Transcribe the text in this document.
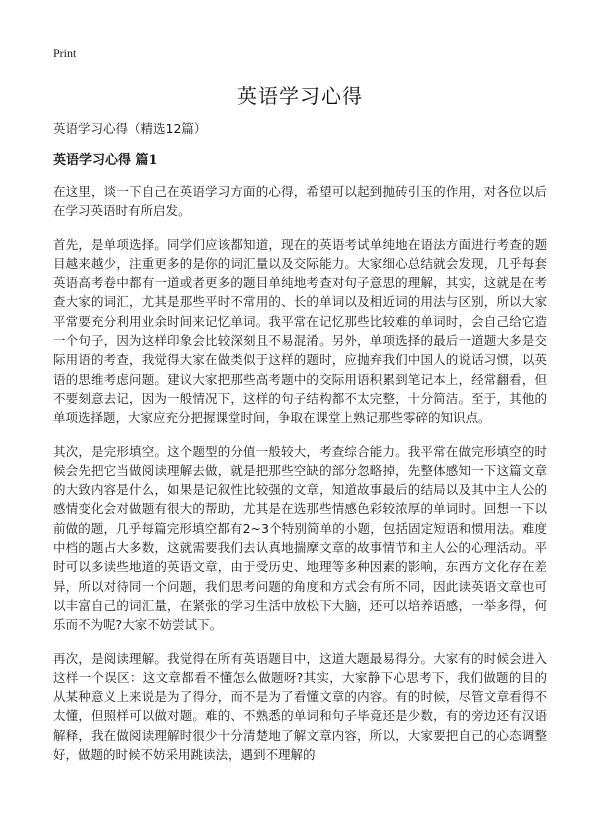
Print
英语学习心得

英语学习心得（精选12篇）

英语学习心得 篇1

在这里，谈一下自己在英语学习方面的心得，希望可以起到抛砖引玉的作用，对各位以后在学习英语时有所启发。

首先，是单项选择。同学们应该都知道，现在的英语考试单纯地在语法方面进行考查的题目越来越少，注重更多的是你的词汇量以及交际能力。大家细心总结就会发现，几乎每套英语高考卷中都有一道或者更多的题目单纯地考查对句子意思的理解，其实，这就是在考查大家的词汇，尤其是那些平时不常用的、长的单词以及相近词的用法与区别，所以大家平常要充分利用业余时间来记忆单词。我平常在记忆那些比较难的单词时，会自己给它造一个句子，因为这样印象会比较深刻且不易混淆。另外，单项选择的最后一道题大多是交际用语的考查，我觉得大家在做类似于这样的题时，应抛弃我们中国人的说话习惯，以英语的思维考虑问题。建议大家把那些高考题中的交际用语积累到笔记本上，经常翻看，但不要刻意去记，因为一般情况下，这样的句子结构都不太完整，十分简洁。至于，其他的单项选择题，大家应充分把握课堂时间，争取在课堂上熟记那些零碎的知识点。

其次，是完形填空。这个题型的分值一般较大，考查综合能力。我平常在做完形填空的时候会先把它当做阅读理解去做，就是把那些空缺的部分忽略掉，先整体感知一下这篇文章的大致内容是什么，如果是记叙性比较强的文章，知道故事最后的结局以及其中主人公的感情变化会对做题有很大的帮助，尤其是在选那些情感色彩较浓厚的单词时。回想一下以前做的题，几乎每篇完形填空都有2~3个特别简单的小题，包括固定短语和惯用法。难度中档的题占大多数，这就需要我们去认真地揣摩文章的故事情节和主人公的心理活动。平时可以多读些地道的英语文章，由于受历史、地理等多种因素的影响，东西方文化存在差异，所以对待同一个问题，我们思考问题的角度和方式会有所不同，因此读英语文章也可以丰富自己的词汇量，在紧张的学习生活中放松下大脑，还可以培养语感，一举多得，何乐而不为呢?大家不妨尝试下。

再次，是阅读理解。我觉得在所有英语题目中，这道大题最易得分。大家有的时候会进入这样一个误区：这文章都看不懂怎么做题呀?其实，大家静下心思考下，我们做题的目的从某种意义上来说是为了得分，而不是为了看懂文章的内容。有的时候，尽管文章看得不太懂，但照样可以做对题。难的、不熟悉的单词和句子毕竟还是少数，有的旁边还有汉语解释，我在做阅读理解时很少十分清楚地了解文章内容，所以，大家要把自己的心态调整好，做题的时候不妨采用跳读法，遇到不理解的
